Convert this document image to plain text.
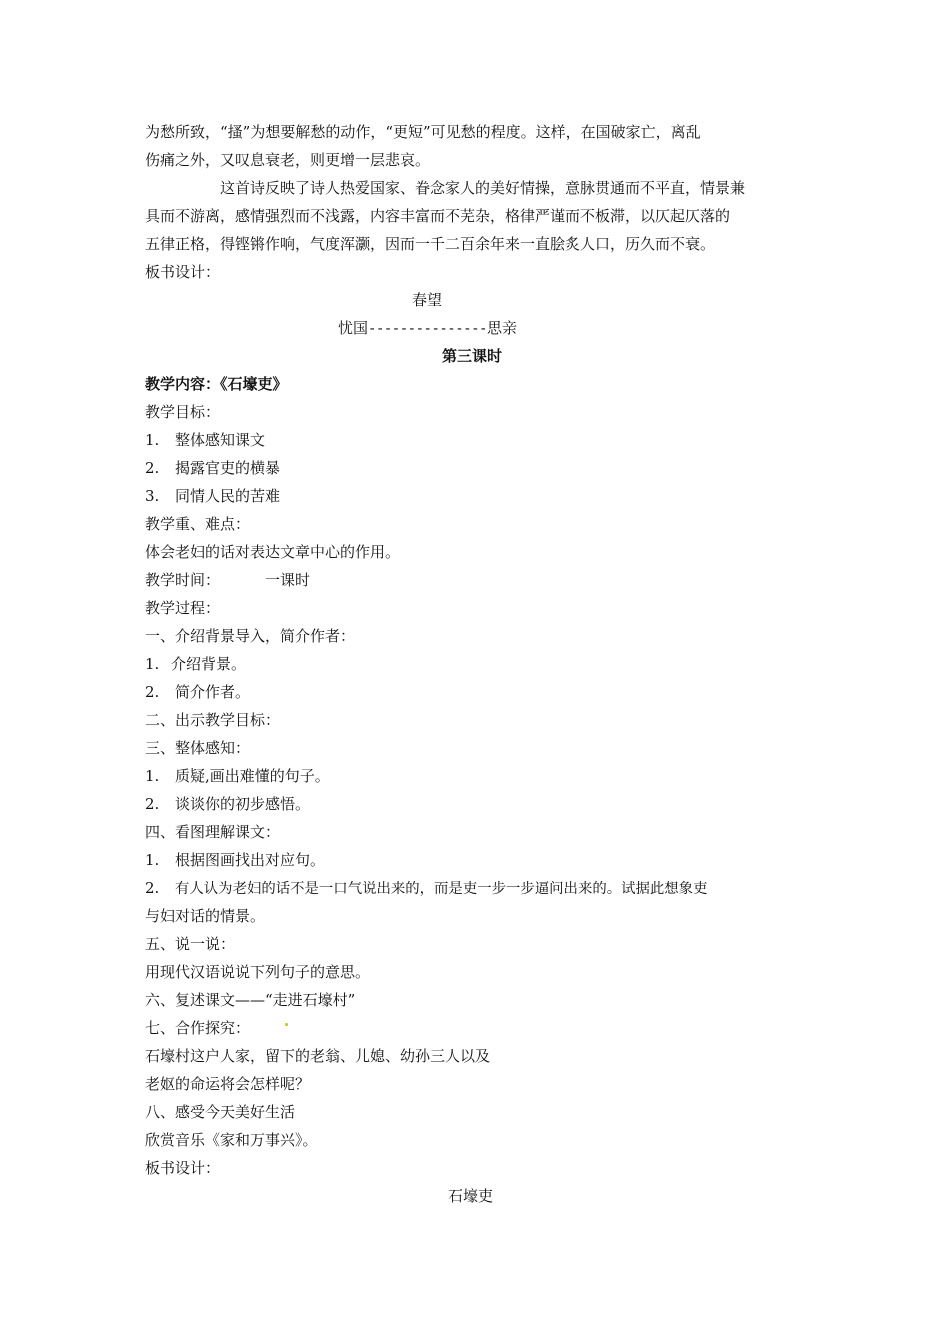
为愁所致，“搔”为想要解愁的动作，“更短”可见愁的程度。这样，在国破家亡，离乱
伤痛之外，又叹息衰老，则更增一层悲哀。
这首诗反映了诗人热爱国家、眷念家人的美好情操，意脉贯通而不平直，情景兼
具而不游离，感情强烈而不浅露，内容丰富而不芜杂，格律严谨而不板滞，以仄起仄落的
五律正格，得铿锵作响，气度浑灏，因而一千二百余年来一直脍炙人口，历久而不衰。
板书设计：
春望
忧国---------------思亲
第三课时
教学内容：《石壕吏》
教学目标：
1. 整体感知课文
2. 揭露官吏的横暴
3. 同情人民的苦难
教学重、难点：
体会老妇的话对表达文章中心的作用。
教学时间：	一课时
教学过程：
一、介绍背景导入，简介作者：
1. 介绍背景。
2. 简介作者。
二、出示教学目标：
三、整体感知：
1. 质疑,画出难懂的句子。
2. 谈谈你的初步感悟。
四、看图理解课文：
1. 根据图画找出对应句。
2. 有人认为老妇的话不是一口气说出来的，而是吏一步一步逼问出来的。试据此想象吏
与妇对话的情景。
五、说一说：
用现代汉语说说下列句子的意思。
六、复述课文——“走进石壕村”
七、合作探究：
石壕村这户人家，留下的老翁、儿媳、幼孙三人以及
老妪的命运将会怎样呢？
八、感受今天美好生活
欣赏音乐《家和万事兴》。
板书设计：
石壕吏
